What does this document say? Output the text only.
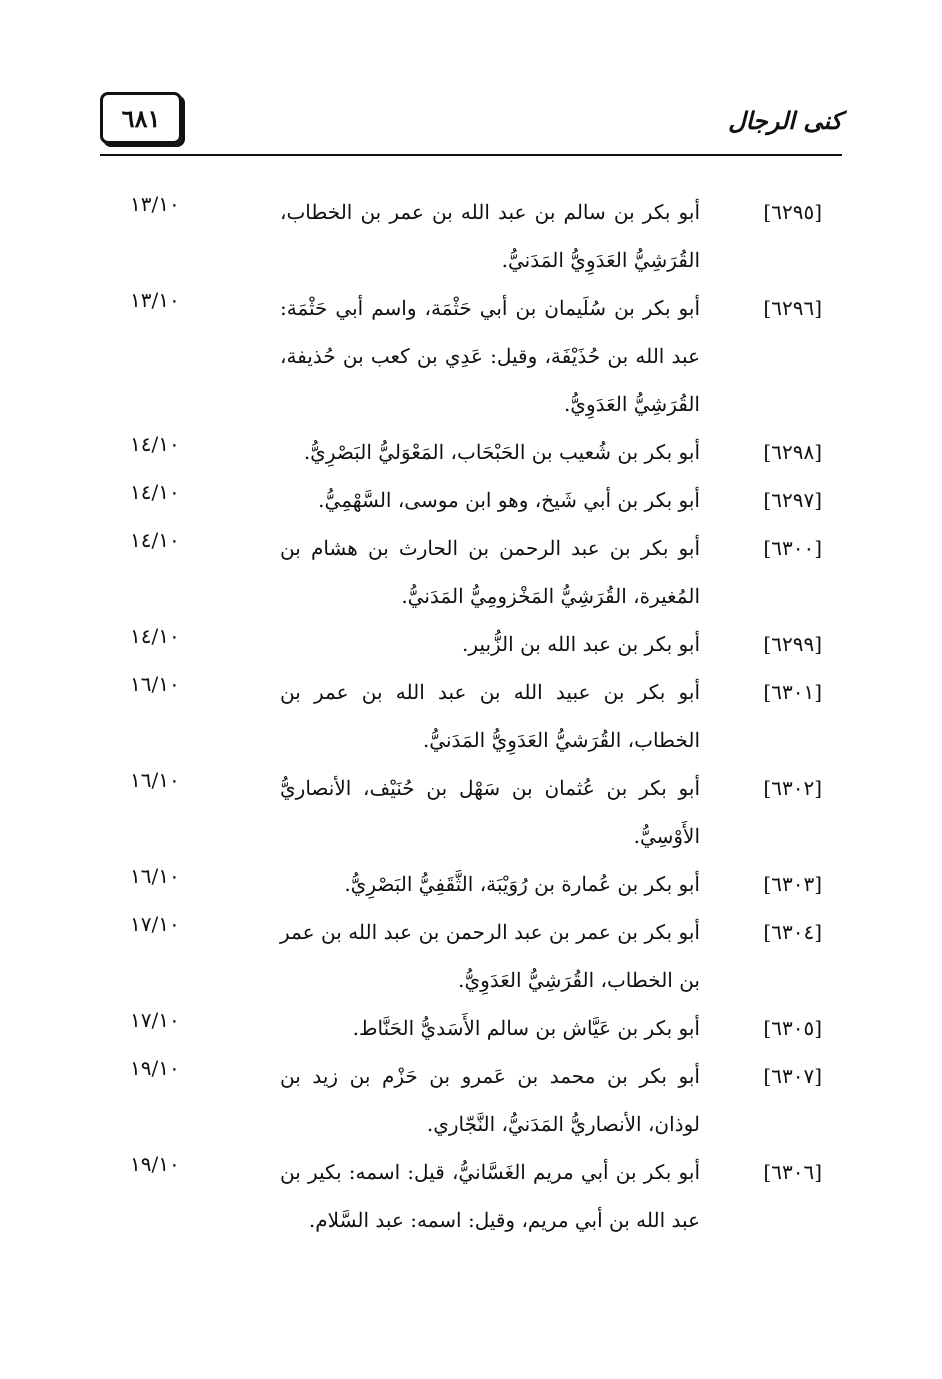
٦٨١	كنى الرجال
[٦٢٩٥]
أبو بكر بن سالم بن عبد الله بن عمر بن الخطاب، القُرَشِيُّ العَدَوِيُّ المَدَنيُّ.
١٣/١٠
[٦٢٩٦]
أبو بكر بن سُلَيمان بن أبي حَثْمَة، واسم أبي حَثْمَة: عبد الله بن حُذَيْفَة، وقيل: عَدِي بن كعب بن حُذيفة، القُرَشِيُّ العَدَوِيُّ.
١٣/١٠
[٦٢٩٨]
أبو بكر بن شُعيب بن الحَبْحَاب، المَعْوَليُّ البَصْرِيُّ.
١٤/١٠
[٦٢٩٧]
أبو بكر بن أبي شَيخ، وهو ابن موسى، السَّهْمِيُّ.
١٤/١٠
[٦٣٠٠]
أبو بكر بن عبد الرحمن بن الحارث بن هشام بن المُغيرة، القُرَشِيُّ المَخْزومِيُّ المَدَنيُّ.
١٤/١٠
[٦٢٩٩]
أبو بكر بن عبد الله بن الزُّبير.
١٤/١٠
[٦٣٠١]
أبو بكر بن عبيد الله بن عبد الله بن عمر بن الخطاب، القُرَشيُّ العَدَوِيُّ المَدَنيُّ.
١٦/١٠
[٦٣٠٢]
أبو بكر بن عُثمان بن سَهْل بن حُنَيْف، الأنصاريُّ الأَوْسِيُّ.
١٦/١٠
[٦٣٠٣]
أبو بكر بن عُمارة بن رُوَيْبَة، الثَّقَفِيُّ البَصْرِيُّ.
١٦/١٠
[٦٣٠٤]
أبو بكر بن عمر بن عبد الرحمن بن عبد الله بن عمر بن الخطاب، القُرَشِيُّ العَدَوِيُّ.
١٧/١٠
[٦٣٠٥]
أبو بكر بن عَيَّاش بن سالم الأَسَديُّ الحَنَّاط.
١٧/١٠
[٦٣٠٧]
أبو بكر بن محمد بن عَمرو بن حَزْم بن زيد بن لوذان، الأنصاريُّ المَدَنيُّ، النَّجّاري.
١٩/١٠
[٦٣٠٦]
أبو بكر بن أبي مريم الغَسَّانيُّ، قيل: اسمه: بكير بن عبد الله بن أبي مريم، وقيل: اسمه: عبد السَّلام.
١٩/١٠
